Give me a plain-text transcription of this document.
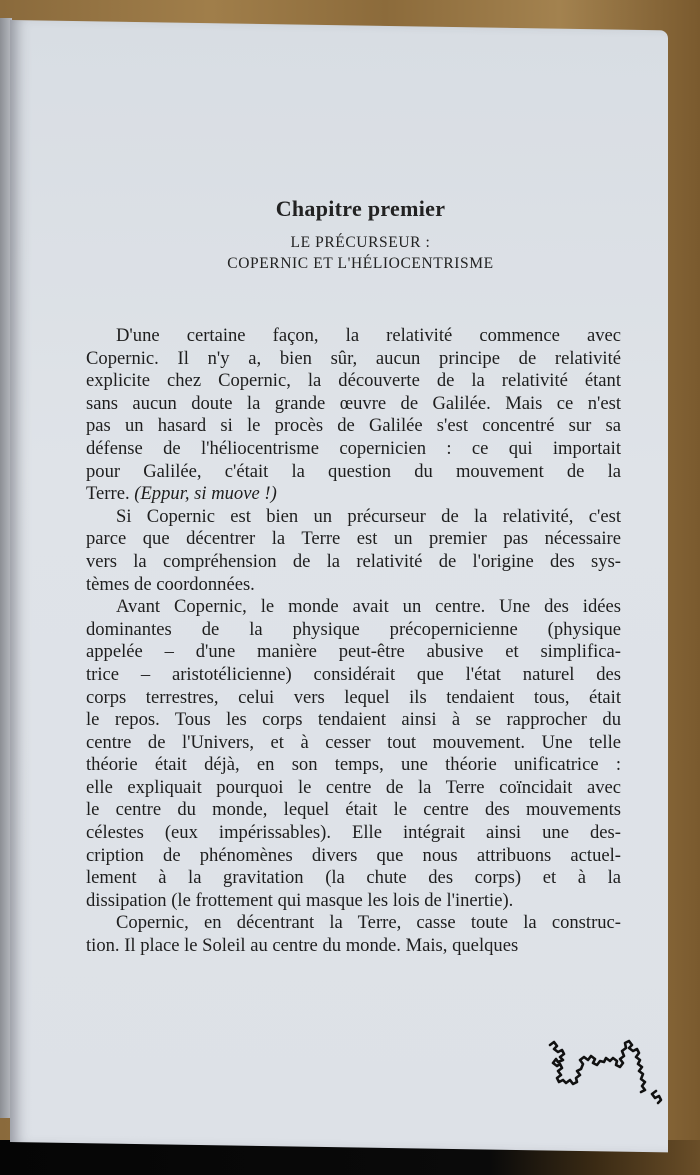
Chapitre premier
LE PRÉCURSEUR :
COPERNIC ET L'HÉLIOCENTRISME

D'une certaine façon, la relativité commence avec
Copernic. Il n'y a, bien sûr, aucun principe de relativité
explicite chez Copernic, la découverte de la relativité étant
sans aucun doute la grande œuvre de Galilée. Mais ce n'est
pas un hasard si le procès de Galilée s'est concentré sur sa
défense de l'héliocentrisme copernicien : ce qui importait
pour Galilée, c'était la question du mouvement de la
Terre. (Eppur, si muove !)

Si Copernic est bien un précurseur de la relativité, c'est
parce que décentrer la Terre est un premier pas nécessaire
vers la compréhension de la relativité de l'origine des sys-
tèmes de coordonnées.

Avant Copernic, le monde avait un centre. Une des idées
dominantes de la physique précopernicienne (physique
appelée – d'une manière peut-être abusive et simplifica-
trice – aristotélicienne) considérait que l'état naturel des
corps terrestres, celui vers lequel ils tendaient tous, était
le repos. Tous les corps tendaient ainsi à se rapprocher du
centre de l'Univers, et à cesser tout mouvement. Une telle
théorie était déjà, en son temps, une théorie unificatrice :
elle expliquait pourquoi le centre de la Terre coïncidait avec
le centre du monde, lequel était le centre des mouvements
célestes (eux impérissables). Elle intégrait ainsi une des-
cription de phénomènes divers que nous attribuons actuel-
lement à la gravitation (la chute des corps) et à la
dissipation (le frottement qui masque les lois de l'inertie).

Copernic, en décentrant la Terre, casse toute la construc-
tion. Il place le Soleil au centre du monde. Mais, quelques
